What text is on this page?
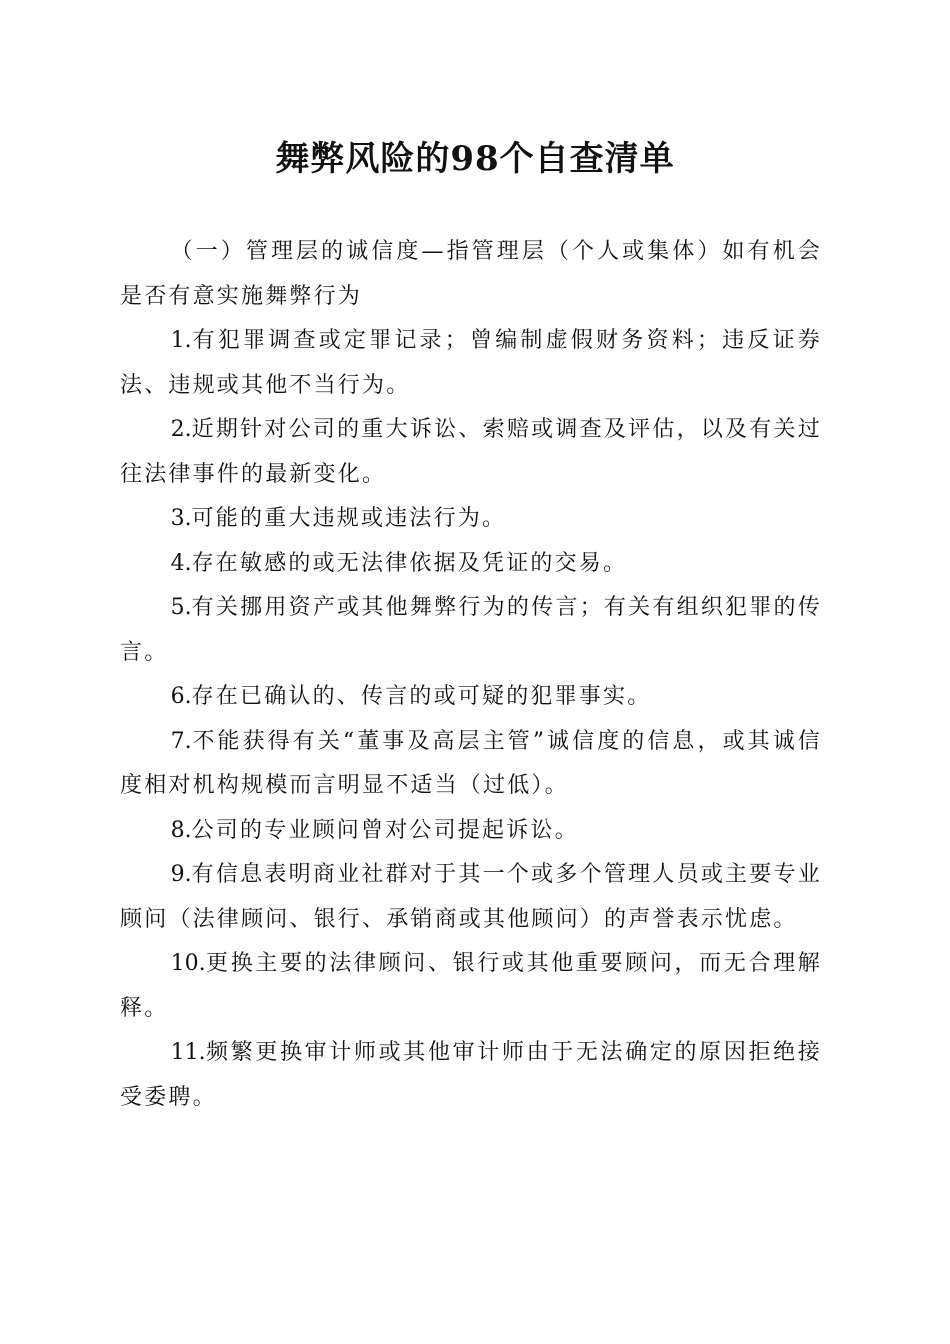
舞弊风险的98个自查清单

（一）管理层的诚信度—指管理层（个人或集体）如有机会是否有意实施舞弊行为

1.有犯罪调查或定罪记录；曾编制虚假财务资料；违反证券法、违规或其他不当行为。

2.近期针对公司的重大诉讼、索赔或调查及评估，以及有关过往法律事件的最新变化。

3.可能的重大违规或违法行为。

4.存在敏感的或无法律依据及凭证的交易。

5.有关挪用资产或其他舞弊行为的传言；有关有组织犯罪的传言。

6.存在已确认的、传言的或可疑的犯罪事实。

7.不能获得有关“董事及高层主管”诚信度的信息，或其诚信度相对机构规模而言明显不适当（过低）。

8.公司的专业顾问曾对公司提起诉讼。

9.有信息表明商业社群对于其一个或多个管理人员或主要专业顾问（法律顾问、银行、承销商或其他顾问）的声誉表示忧虑。

10.更换主要的法律顾问、银行或其他重要顾问，而无合理解释。

11.频繁更换审计师或其他审计师由于无法确定的原因拒绝接受委聘。
